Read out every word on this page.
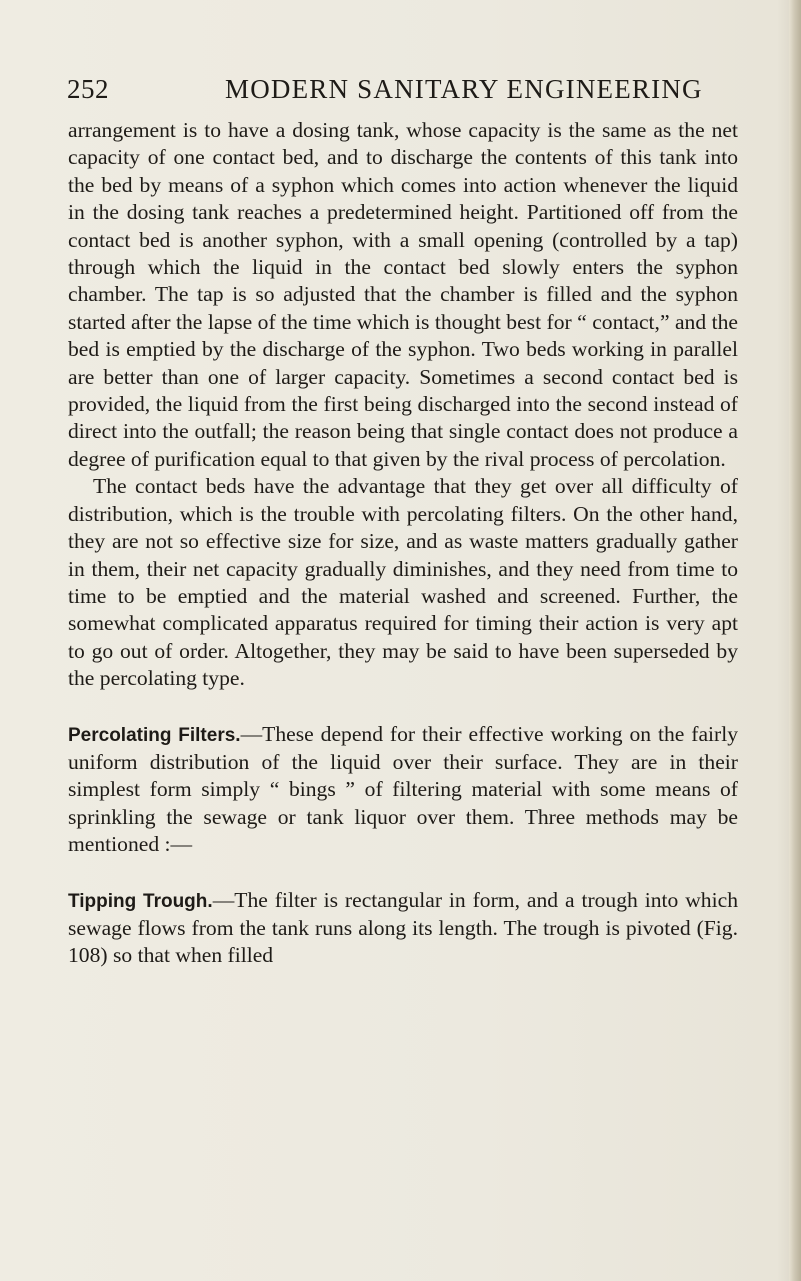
252	MODERN SANITARY ENGINEERING

arrangement is to have a dosing tank, whose capacity is the same as the net capacity of one contact bed, and to discharge the contents of this tank into the bed by means of a syphon which comes into action whenever the liquid in the dosing tank reaches a predetermined height. Partitioned off from the contact bed is another syphon, with a small opening (controlled by a tap) through which the liquid in the contact bed slowly enters the syphon chamber. The tap is so adjusted that the chamber is filled and the syphon started after the lapse of the time which is thought best for “ contact,” and the bed is emptied by the discharge of the syphon. Two beds working in parallel are better than one of larger capacity. Sometimes a second contact bed is provided, the liquid from the first being discharged into the second instead of direct into the outfall; the reason being that single contact does not produce a degree of purification equal to that given by the rival process of percolation.

The contact beds have the advantage that they get over all difficulty of distribution, which is the trouble with percolating filters. On the other hand, they are not so effective size for size, and as waste matters gradually gather in them, their net capacity gradually diminishes, and they need from time to time to be emptied and the material washed and screened. Further, the somewhat complicated apparatus required for timing their action is very apt to go out of order. Altogether, they may be said to have been superseded by the percolating type.

Percolating Filters.—These depend for their effective working on the fairly uniform distribution of the liquid over their surface. They are in their simplest form simply “ bings ” of filtering material with some means of sprinkling the sewage or tank liquor over them. Three methods may be mentioned :—

Tipping Trough.—The filter is rectangular in form, and a trough into which sewage flows from the tank runs along its length. The trough is pivoted (Fig. 108) so that when filled
